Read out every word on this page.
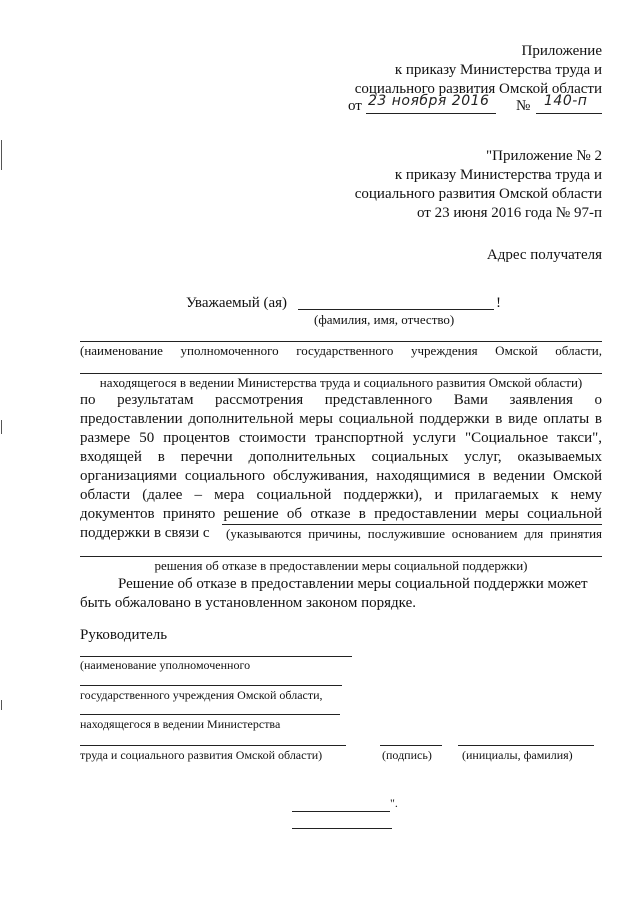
Приложение
к приказу Министерства труда и
социального развития Омской области
от 23 ноября 2016 № 140-п
"Приложение № 2
к приказу Министерства труда и
социального развития Омской области
от 23 июня 2016 года № 97-п
Адрес получателя
Уважаемый (ая)	!
(фамилия, имя, отчество)
(наименование уполномоченного государственного учреждения Омской области,
находящегося в ведении Министерства труда и социального развития Омской области)
по результатам рассмотрения представленного Вами заявления о
предоставлении дополнительной меры социальной поддержки в виде оплаты в
размере 50 процентов стоимости транспортной услуги "Социальное такси",
входящей в перечни дополнительных социальных услуг, оказываемых
организациями социального обслуживания, находящимися в ведении Омской
области (далее – мера социальной поддержки), и прилагаемых к нему
документов принято решение об отказе в предоставлении меры социальной
поддержки в связи с	(указываются причины, послужившие основанием для принятия
решения об отказе в предоставлении меры социальной поддержки)
Решение об отказе в предоставлении меры социальной поддержки может
быть обжаловано в установленном законом порядке.
Руководитель
(наименование уполномоченного
государственного учреждения Омской области,
находящегося в ведении Министерства
труда и социального развития Омской области)	(подпись)	(инициалы, фамилия)
".
